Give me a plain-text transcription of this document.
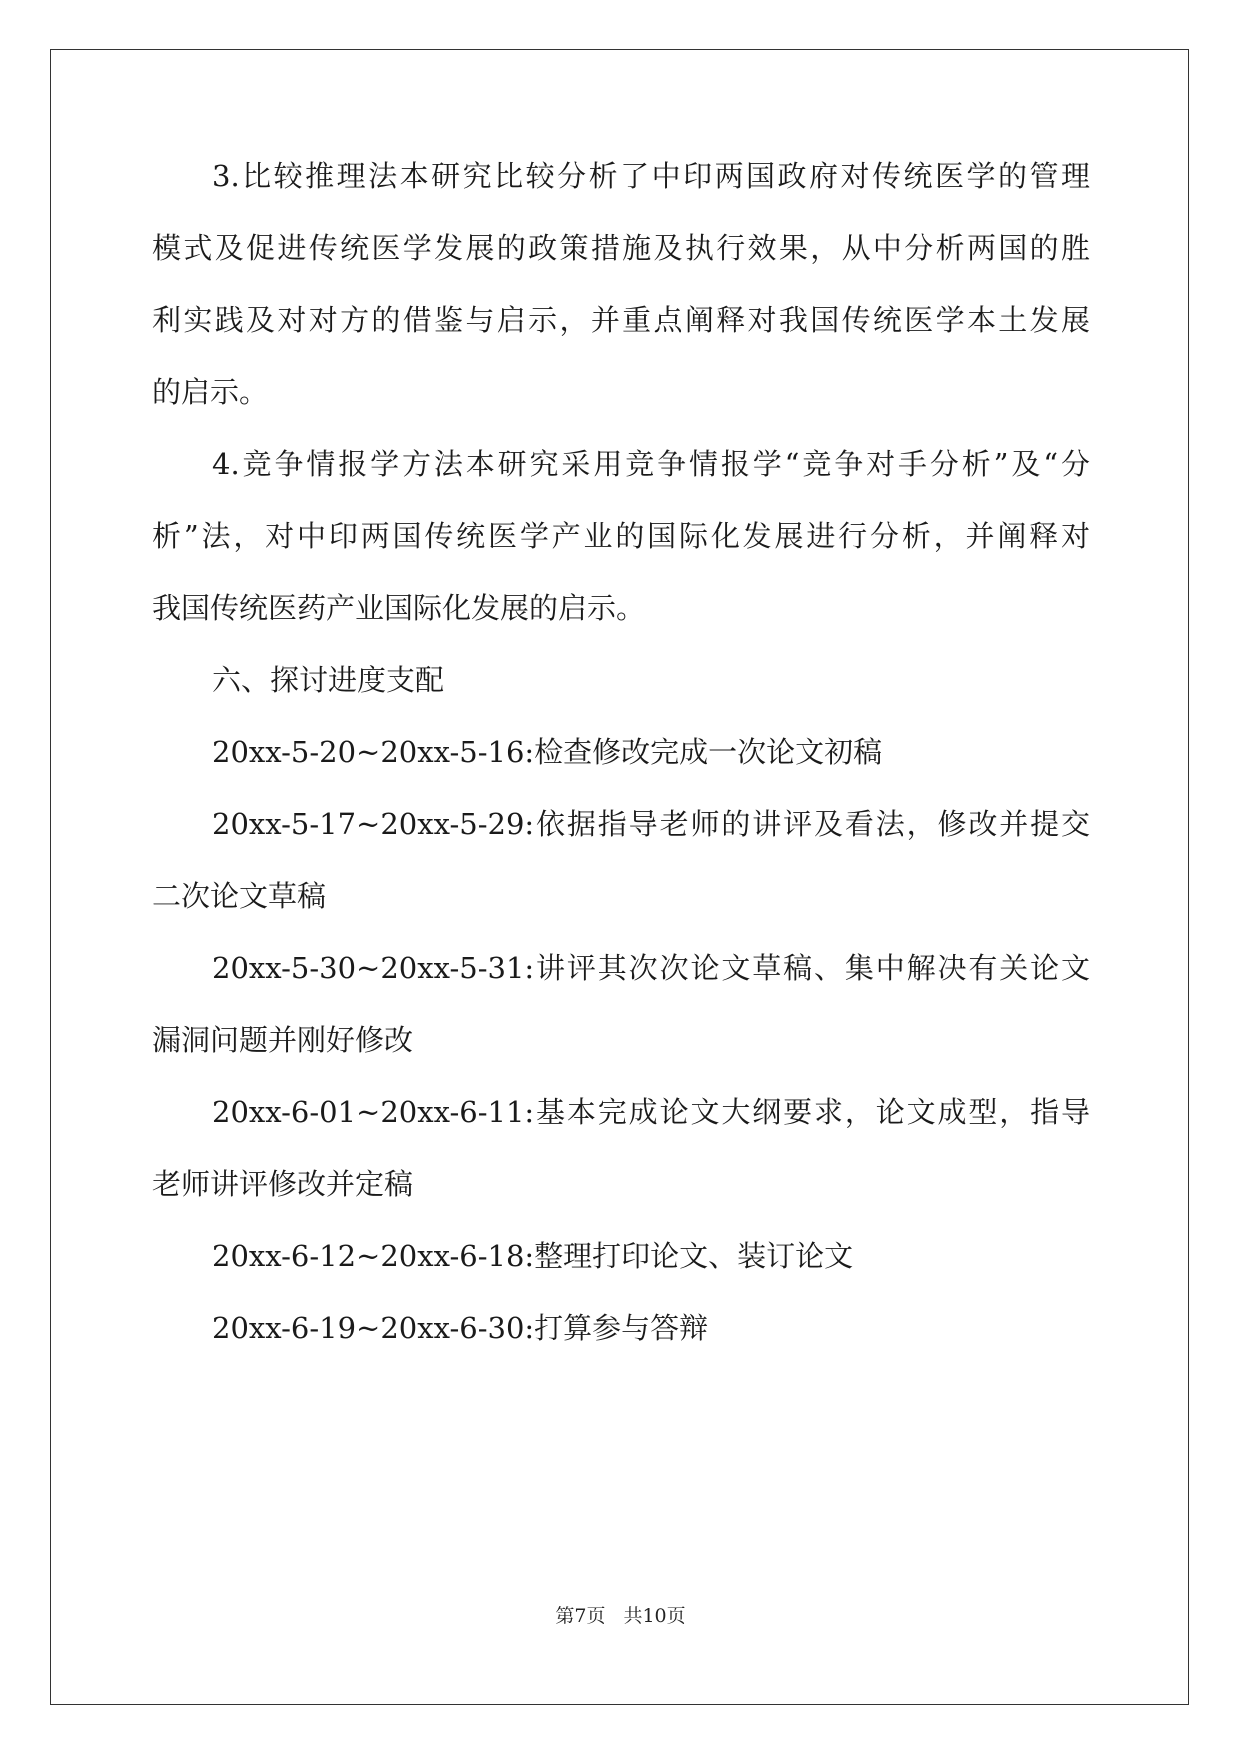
3.比较推理法本研究比较分析了中印两国政府对传统医学的管理
模式及促进传统医学发展的政策措施及执行效果，从中分析两国的胜
利实践及对对方的借鉴与启示，并重点阐释对我国传统医学本土发展
的启示。
4.竞争情报学方法本研究采用竞争情报学“竞争对手分析”及“分
析”法，对中印两国传统医学产业的国际化发展进行分析，并阐释对
我国传统医药产业国际化发展的启示。
六、探讨进度支配
20xx-5-20~20xx-5-16:检查修改完成一次论文初稿
20xx-5-17~20xx-5-29:依据指导老师的讲评及看法，修改并提交
二次论文草稿
20xx-5-30~20xx-5-31:讲评其次次论文草稿、集中解决有关论文
漏洞问题并刚好修改
20xx-6-01~20xx-6-11:基本完成论文大纲要求，论文成型，指导
老师讲评修改并定稿
20xx-6-12~20xx-6-18:整理打印论文、装订论文
20xx-6-19~20xx-6-30:打算参与答辩
第7页 共10页
